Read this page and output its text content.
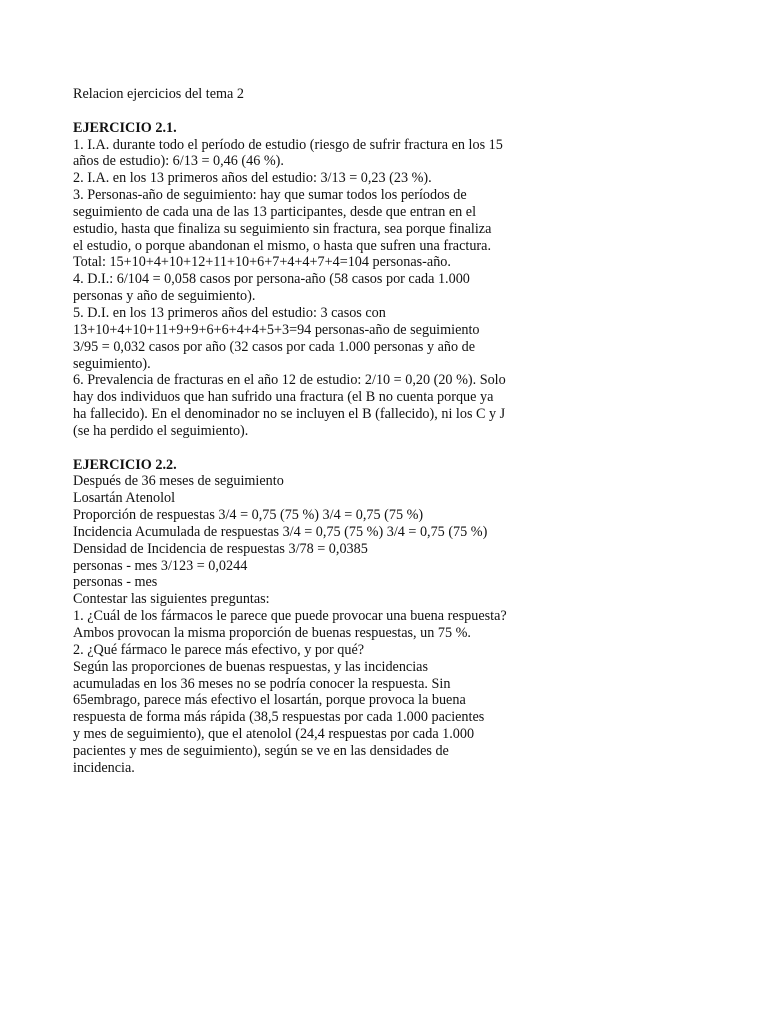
Relacion ejercicios del tema 2
EJERCICIO 2.1.
1. I.A. durante todo el período de estudio (riesgo de sufrir fractura en los 15
años de estudio): 6/13 = 0,46 (46 %).
2. I.A. en los 13 primeros años del estudio: 3/13 = 0,23 (23 %).
3. Personas-año de seguimiento: hay que sumar todos los períodos de
seguimiento de cada una de las 13 participantes, desde que entran en el
estudio, hasta que finaliza su seguimiento sin fractura, sea porque finaliza
el estudio, o porque abandonan el mismo, o hasta que sufren una fractura.
Total: 15+10+4+10+12+11+10+6+7+4+4+7+4=104 personas-año.
4. D.I.: 6/104 = 0,058 casos por persona-año (58 casos por cada 1.000
personas y año de seguimiento).
5. D.I. en los 13 primeros años del estudio: 3 casos con
13+10+4+10+11+9+9+6+6+4+4+5+3=94 personas-año de seguimiento
3/95 = 0,032 casos por año (32 casos por cada 1.000 personas y año de
seguimiento).
6. Prevalencia de fracturas en el año 12 de estudio: 2/10 = 0,20 (20 %). Solo
hay dos individuos que han sufrido una fractura (el B no cuenta porque ya
ha fallecido). En el denominador no se incluyen el B (fallecido), ni los C y J
(se ha perdido el seguimiento).
EJERCICIO 2.2.
Después de 36 meses de seguimiento
Losartán Atenolol
Proporción de respuestas 3/4 = 0,75 (75 %) 3/4 = 0,75 (75 %)
Incidencia Acumulada de respuestas 3/4 = 0,75 (75 %) 3/4 = 0,75 (75 %)
Densidad de Incidencia de respuestas 3/78 = 0,0385
personas - mes 3/123 = 0,0244
personas - mes
Contestar las siguientes preguntas:
1. ¿Cuál de los fármacos le parece que puede provocar una buena respuesta?
Ambos provocan la misma proporción de buenas respuestas, un 75 %.
2. ¿Qué fármaco le parece más efectivo, y por qué?
Según las proporciones de buenas respuestas, y las incidencias
acumuladas en los 36 meses no se podría conocer la respuesta. Sin
65embrago, parece más efectivo el losartán, porque provoca la buena
respuesta de forma más rápida (38,5 respuestas por cada 1.000 pacientes
y mes de seguimiento), que el atenolol (24,4 respuestas por cada 1.000
pacientes y mes de seguimiento), según se ve en las densidades de
incidencia.
